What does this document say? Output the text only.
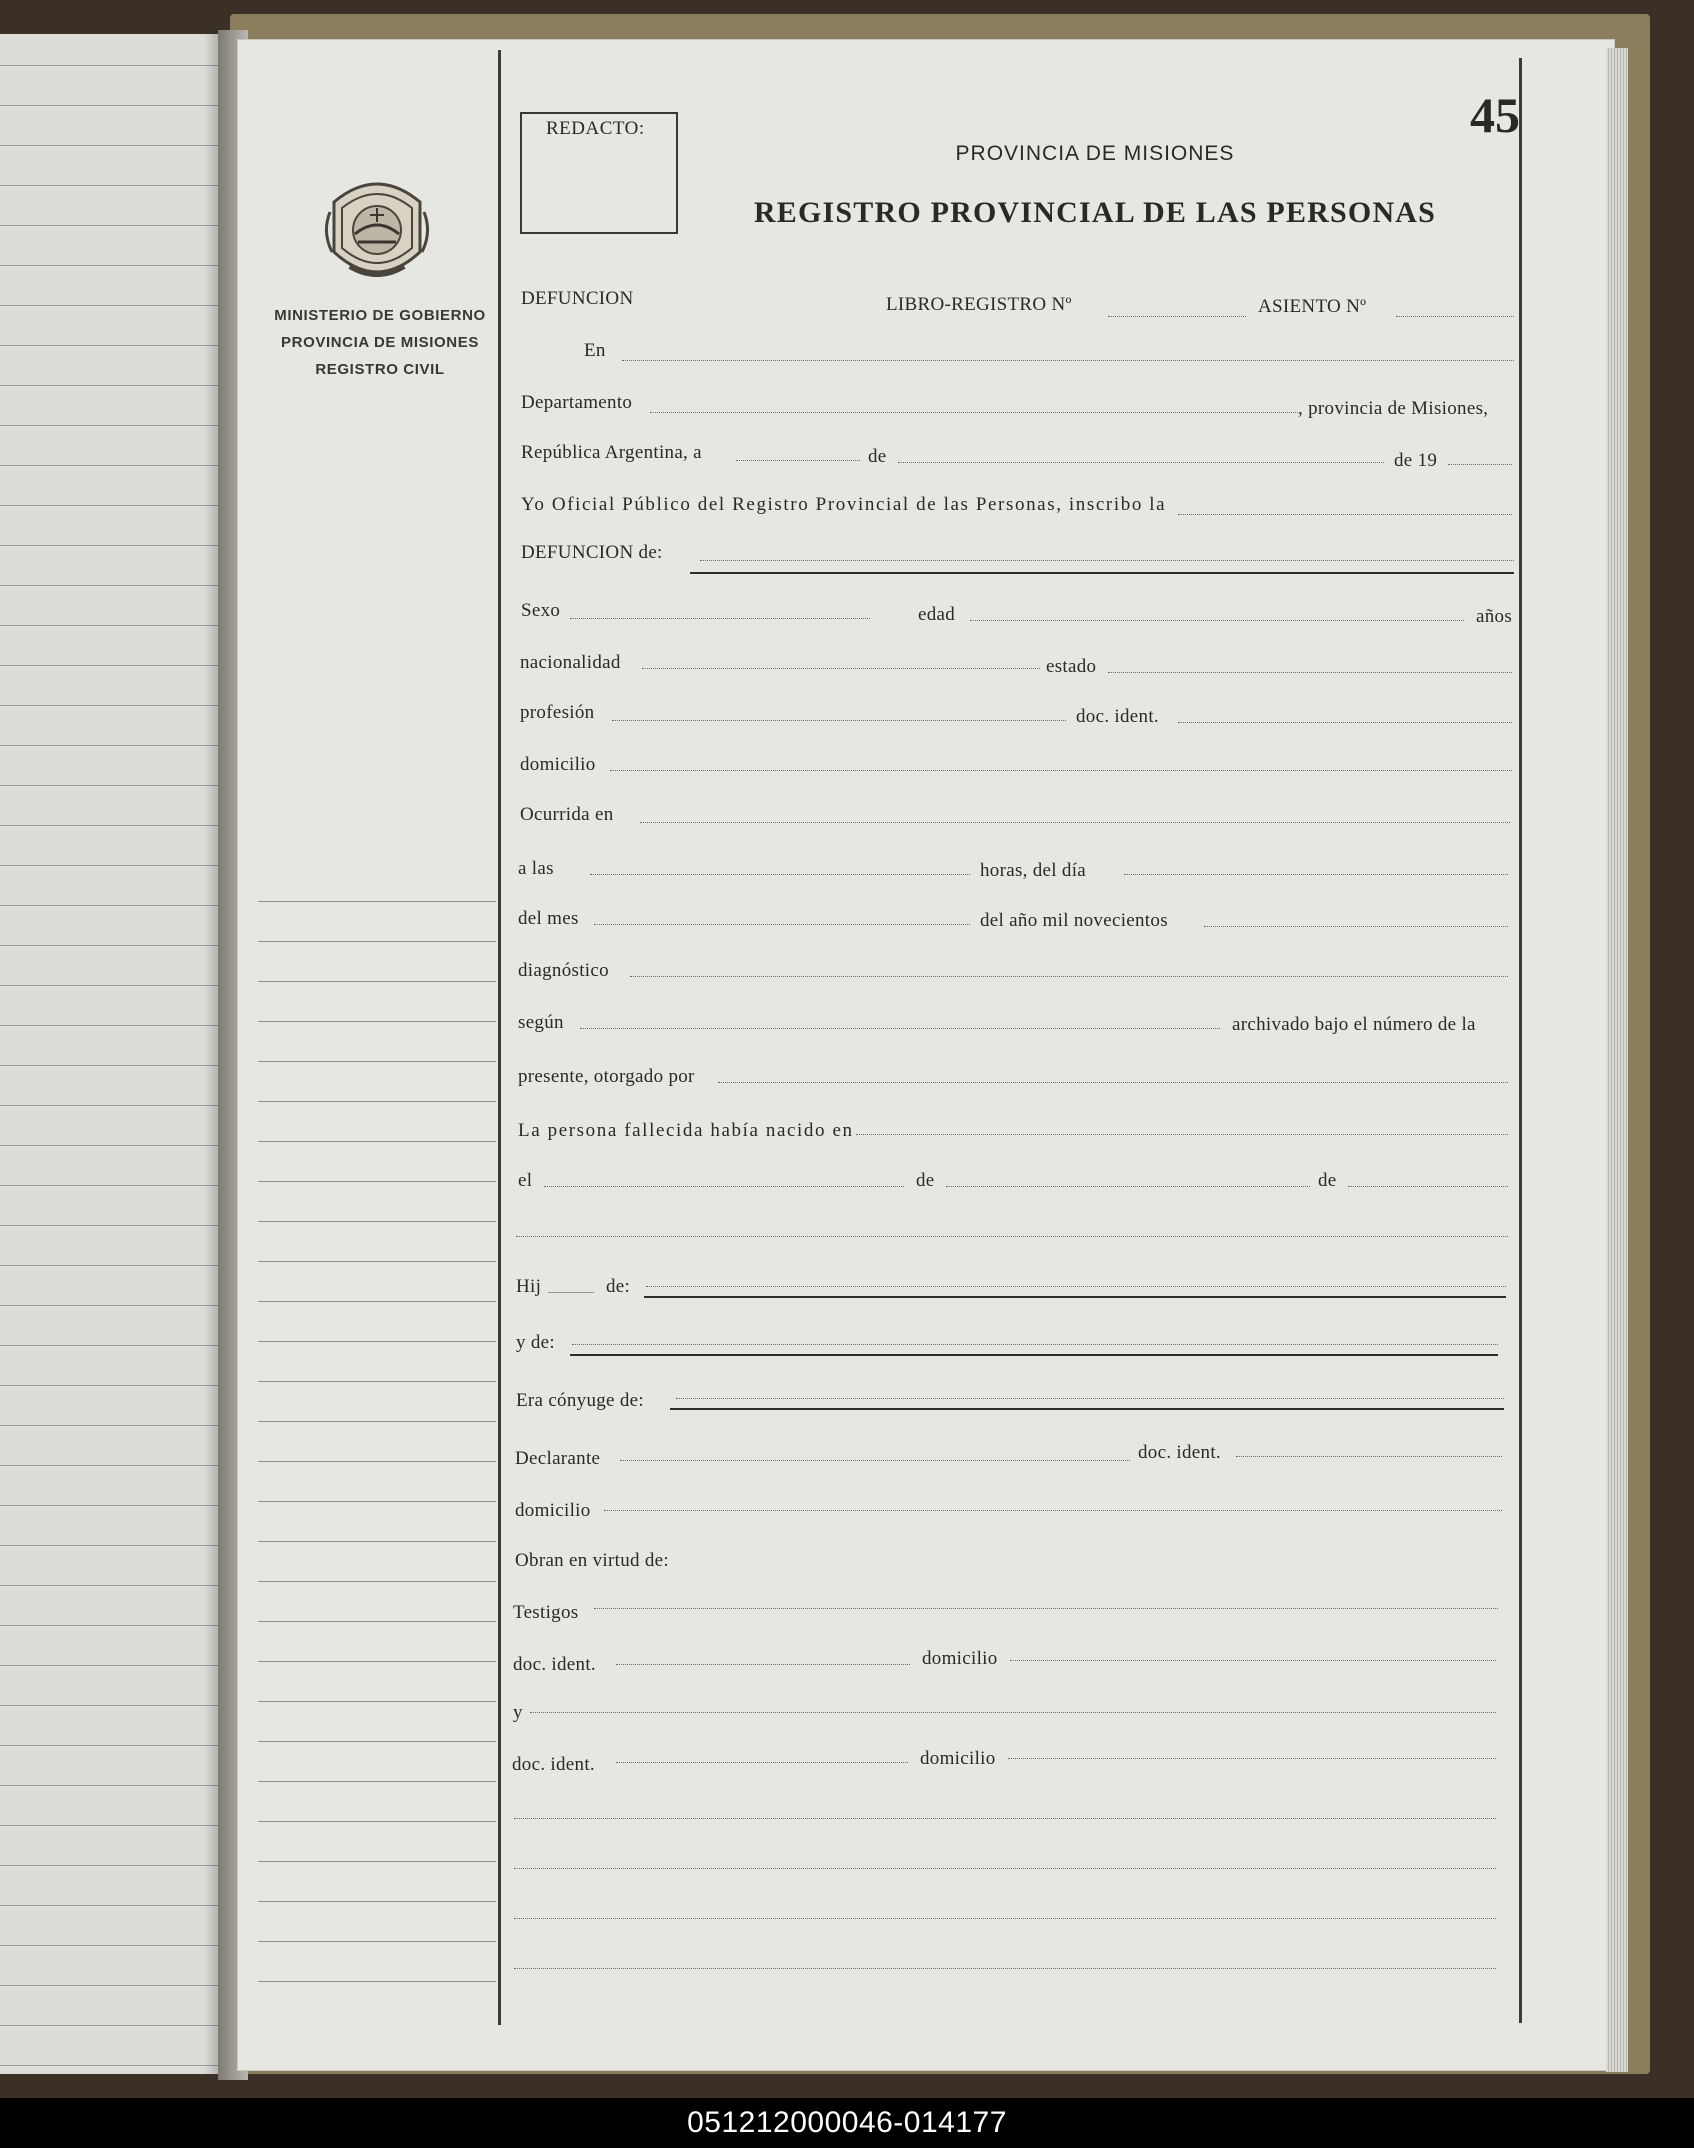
MINISTERIO DE GOBIERNO
PROVINCIA DE MISIONES
REGISTRO CIVIL
REDACTO:	45
PROVINCIA DE MISIONES
REGISTRO PROVINCIAL DE LAS PERSONAS
DEFUNCION	LIBRO-REGISTRO Nº	ASIENTO Nº
En
Departamento	, provincia de Misiones,
República Argentina, a	de	de 19
Yo Oficial Público del Registro Provincial de las Personas, inscribo la
DEFUNCION de:
Sexo	edad	años
nacionalidad	estado
profesión	doc. ident.
domicilio
Ocurrida en
a las	horas, del día
del mes	del año mil novecientos
diagnóstico
según	archivado bajo el número de la
presente, otorgado por
La persona fallecida había nacido en
el	de	de
Hij	de:
y de:
Era cónyuge de:
Declarante	doc. ident.
domicilio
Obran en virtud de:
Testigos
doc. ident.	domicilio
y
doc. ident.	domicilio
051212000046-014177
